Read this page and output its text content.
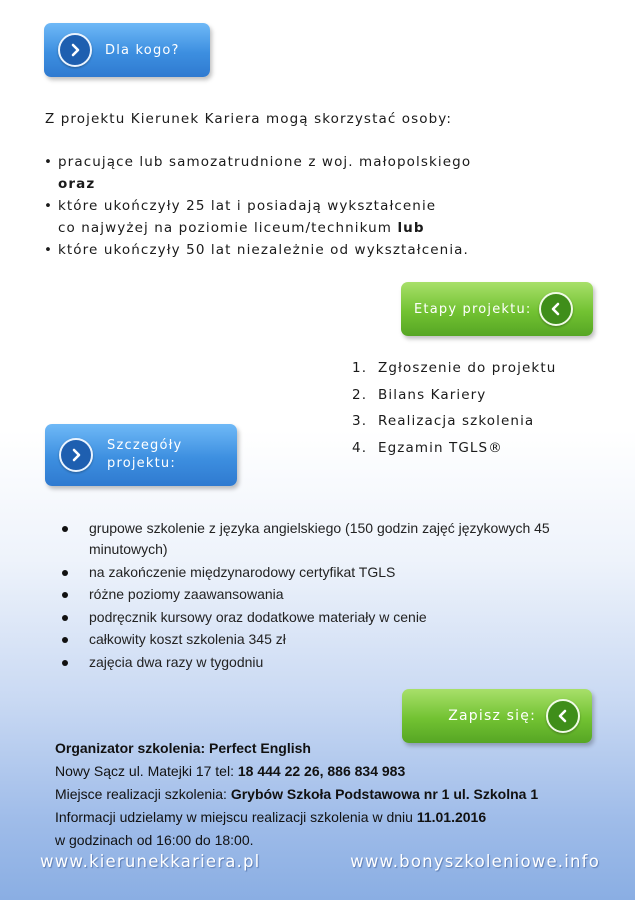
Dla kogo?

Z projektu Kierunek Kariera mogą skorzystać osoby:

• pracujące lub samozatrudnione z woj. małopolskiego
oraz
• które ukończyły 25 lat i posiadają wykształcenie
co najwyżej na poziomie liceum/technikum lub
• które ukończyły 50 lat niezależnie od wykształcenia.
Etapy projektu:
1. Zgłoszenie do projektu
2. Bilans Kariery
3. Realizacja szkolenia
4. Egzamin TGLS®
Szczegóły
projektu:
grupowe szkolenie z języka angielskiego (150 godzin zajęć językowych 45 minutowych)
na zakończenie międzynarodowy certyfikat TGLS
różne poziomy zaawansowania
podręcznik kursowy oraz dodatkowe materiały w cenie
całkowity koszt szkolenia 345 zł
zajęcia dwa razy w tygodniu
Zapisz się:
Organizator szkolenia: Perfect English
Nowy Sącz ul. Matejki 17 tel: 18 444 22 26, 886 834 983
Miejsce realizacji szkolenia: Grybów Szkoła Podstawowa nr 1 ul. Szkolna 1
Informacji udzielamy w miejscu realizacji szkolenia w dniu 11.01.2016
w godzinach od 16:00 do 18:00.
www.kierunekkariera.pl	www.bonyszkoleniowe.info
